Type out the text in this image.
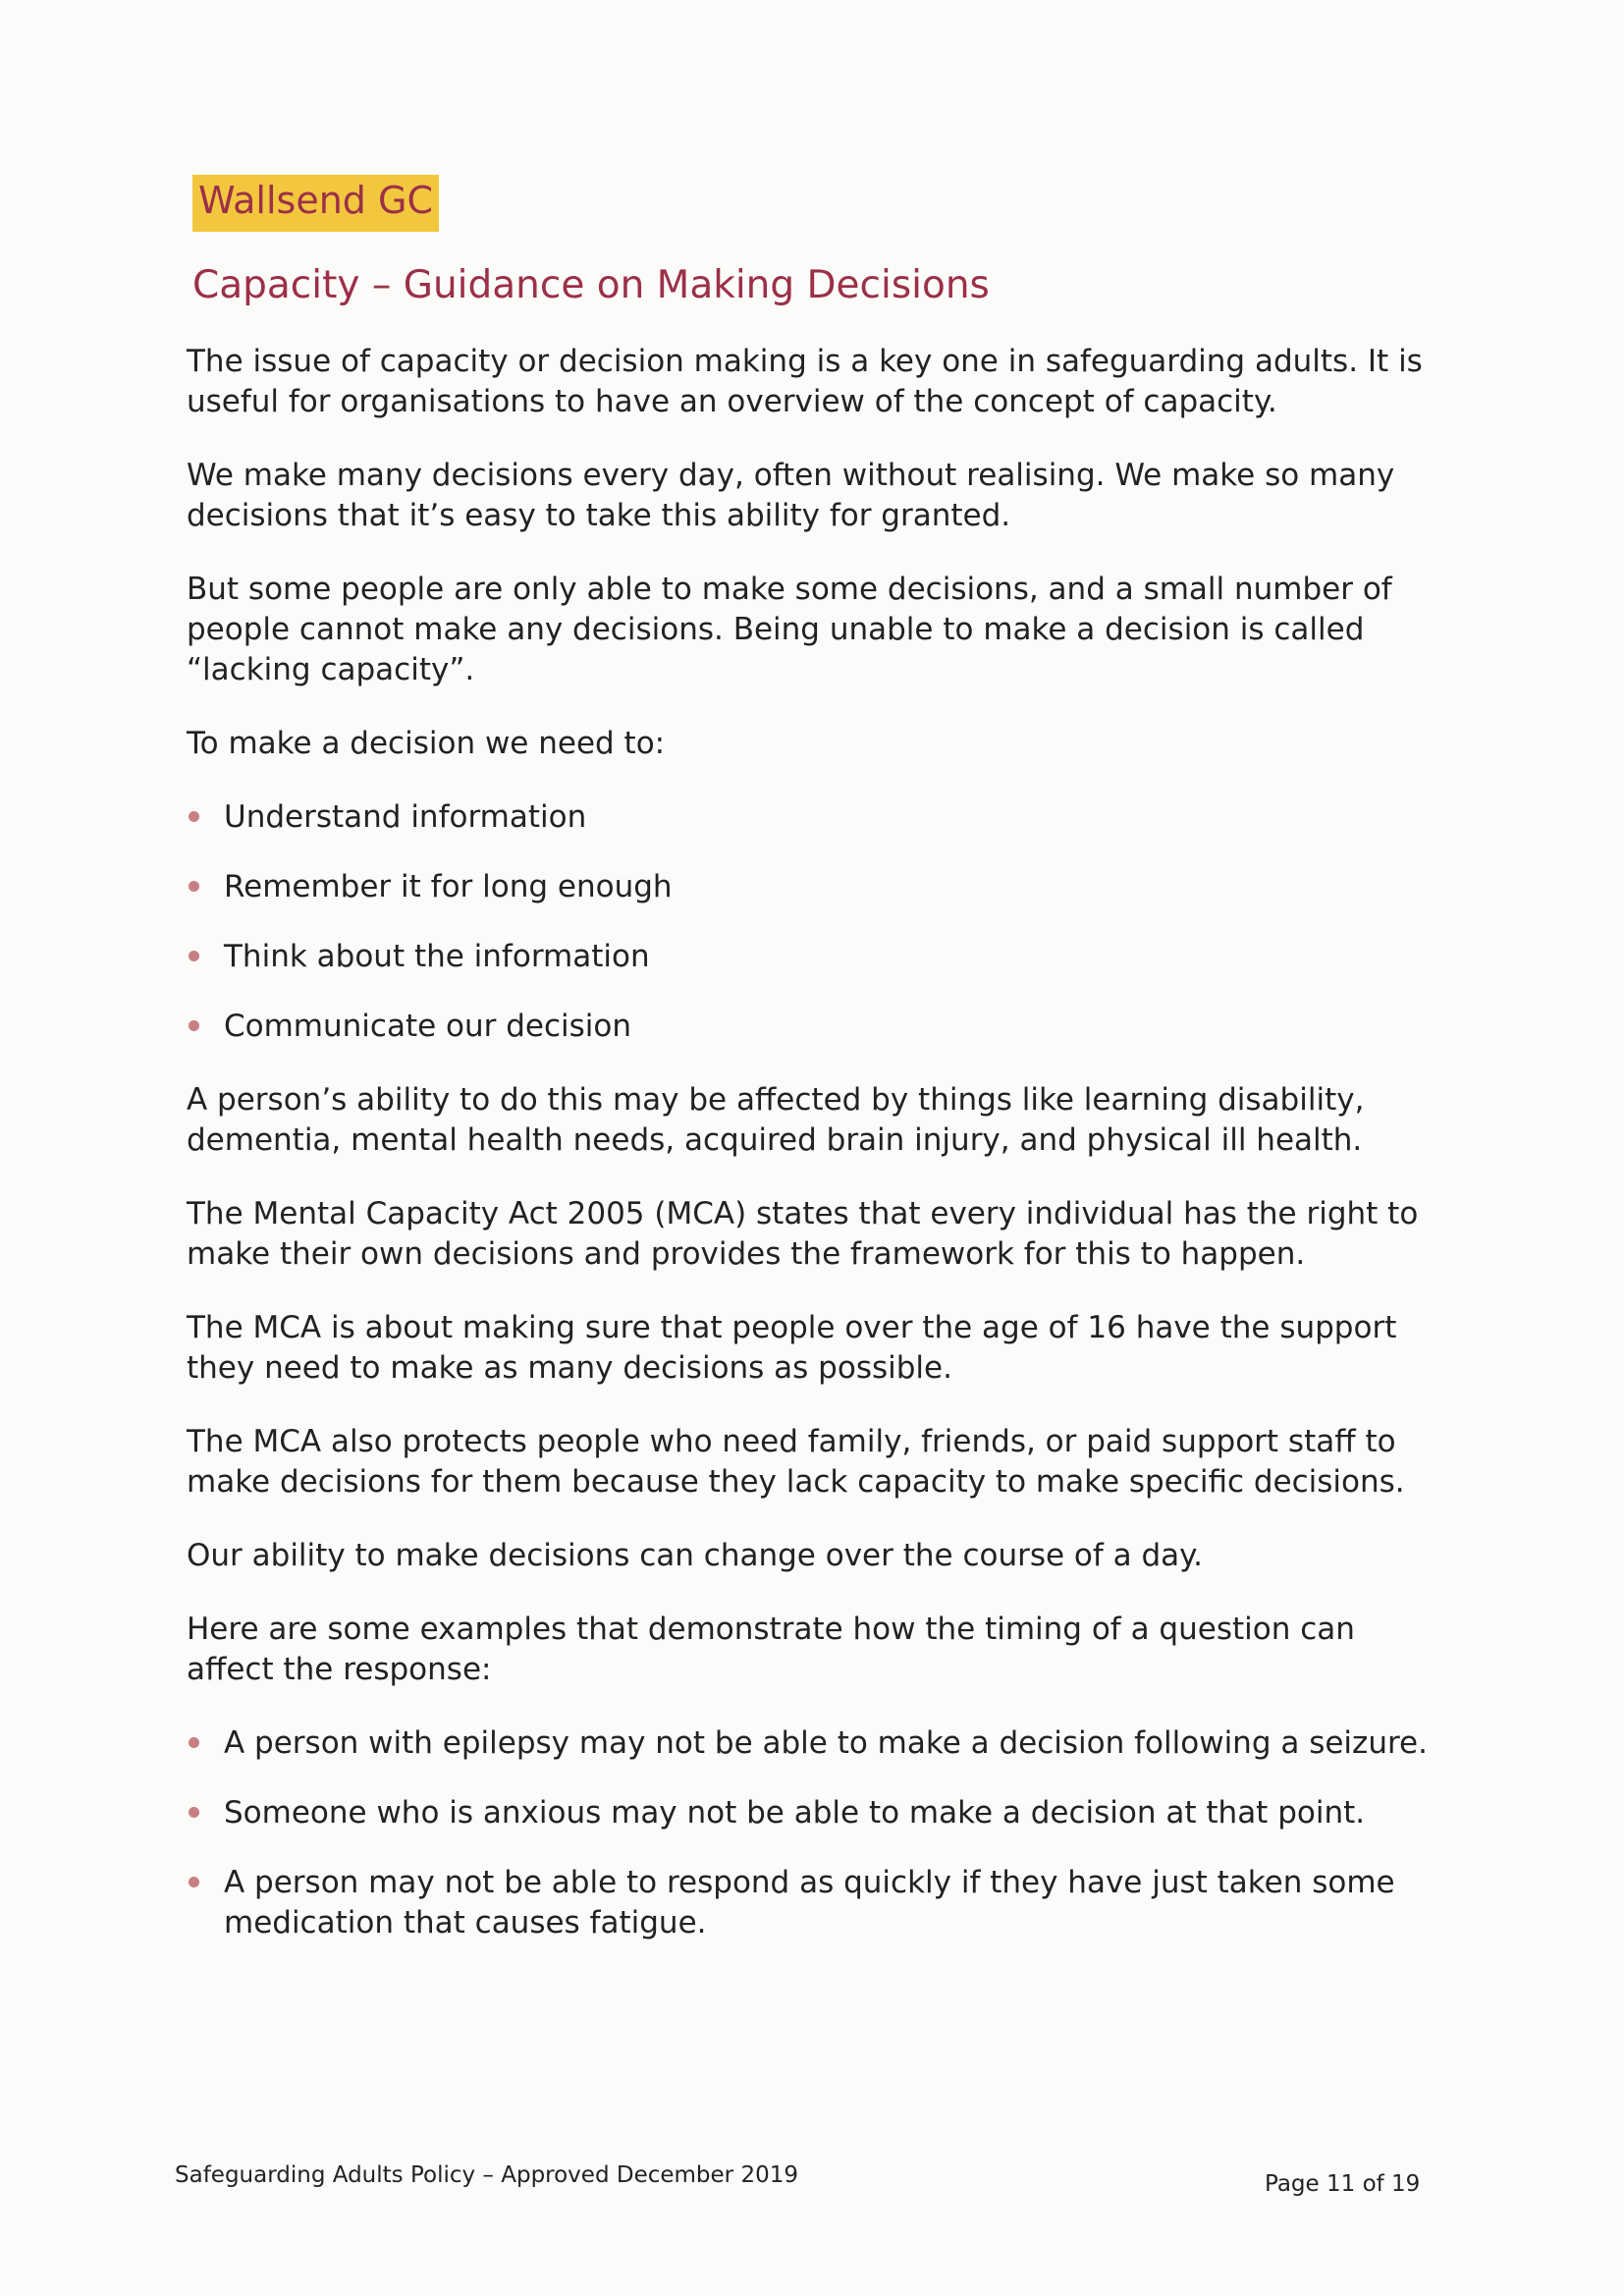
Wallsend GC
Capacity – Guidance on Making Decisions

The issue of capacity or decision making is a key one in safeguarding adults. It is useful for organisations to have an overview of the concept of capacity.

We make many decisions every day, often without realising. We make so many decisions that it’s easy to take this ability for granted.

But some people are only able to make some decisions, and a small number of people cannot make any decisions. Being unable to make a decision is called “lacking capacity”.

To make a decision we need to:

Understand information
Remember it for long enough
Think about the information
Communicate our decision

A person’s ability to do this may be affected by things like learning disability, dementia, mental health needs, acquired brain injury, and physical ill health.

The Mental Capacity Act 2005 (MCA) states that every individual has the right to make their own decisions and provides the framework for this to happen.

The MCA is about making sure that people over the age of 16 have the support they need to make as many decisions as possible.

The MCA also protects people who need family, friends, or paid support staff to make decisions for them because they lack capacity to make specific decisions.

Our ability to make decisions can change over the course of a day.

Here are some examples that demonstrate how the timing of a question can affect the response:

A person with epilepsy may not be able to make a decision following a seizure.
Someone who is anxious may not be able to make a decision at that point.
A person may not be able to respond as quickly if they have just taken some medication that causes fatigue.
Safeguarding Adults Policy – Approved December 2019	Page 11 of 19
